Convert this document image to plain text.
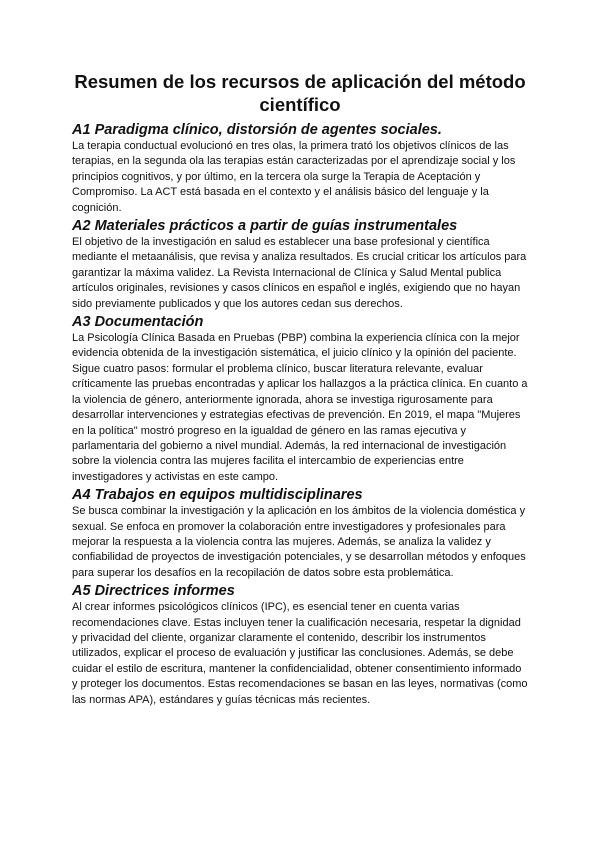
Resumen de los recursos de aplicación del método científico
A1 Paradigma clínico, distorsión de agentes sociales.

La terapia conductual evolucionó en tres olas, la primera trató los objetivos clínicos de las terapias, en la segunda ola las terapias están caracterizadas por el aprendizaje social y los principios cognitivos, y por último, en la tercera ola surge la Terapia de Aceptación y Compromiso. La ACT está basada en el contexto y el análisis básico del lenguaje y la cognición.

A2 Materiales prácticos a partir de guías instrumentales

El objetivo de la investigación en salud es establecer una base profesional y científica mediante el metaanálisis, que revisa y analiza resultados. Es crucial criticar los artículos para garantizar la máxima validez. La Revista Internacional de Clínica y Salud Mental publica artículos originales, revisiones y casos clínicos en español e inglés, exigiendo que no hayan sido previamente publicados y que los autores cedan sus derechos.

A3 Documentación

La Psicología Clínica Basada en Pruebas (PBP) combina la experiencia clínica con la mejor evidencia obtenida de la investigación sistemática, el juicio clínico y la opinión del paciente. Sigue cuatro pasos: formular el problema clínico, buscar literatura relevante, evaluar críticamente las pruebas encontradas y aplicar los hallazgos a la práctica clínica. En cuanto a la violencia de género, anteriormente ignorada, ahora se investiga rigurosamente para desarrollar intervenciones y estrategias efectivas de prevención. En 2019, el mapa "Mujeres en la política" mostró progreso en la igualdad de género en las ramas ejecutiva y parlamentaria del gobierno a nivel mundial. Además, la red internacional de investigación sobre la violencia contra las mujeres facilita el intercambio de experiencias entre investigadores y activistas en este campo.

A4 Trabajos en equipos multidisciplinares

Se busca combinar la investigación y la aplicación en los ámbitos de la violencia doméstica y sexual. Se enfoca en promover la colaboración entre investigadores y profesionales para mejorar la respuesta a la violencia contra las mujeres. Además, se analiza la validez y confiabilidad de proyectos de investigación potenciales, y se desarrollan métodos y enfoques para superar los desafíos en la recopilación de datos sobre esta problemática.

A5 Directrices informes

Al crear informes psicológicos clínicos (IPC), es esencial tener en cuenta varias recomendaciones clave. Estas incluyen tener la cualificación necesaria, respetar la dignidad y privacidad del cliente, organizar claramente el contenido, describir los instrumentos utilizados, explicar el proceso de evaluación y justificar las conclusiones. Además, se debe cuidar el estilo de escritura, mantener la confidencialidad, obtener consentimiento informado y proteger los documentos. Estas recomendaciones se basan en las leyes, normativas (como las normas APA), estándares y guías técnicas más recientes.
